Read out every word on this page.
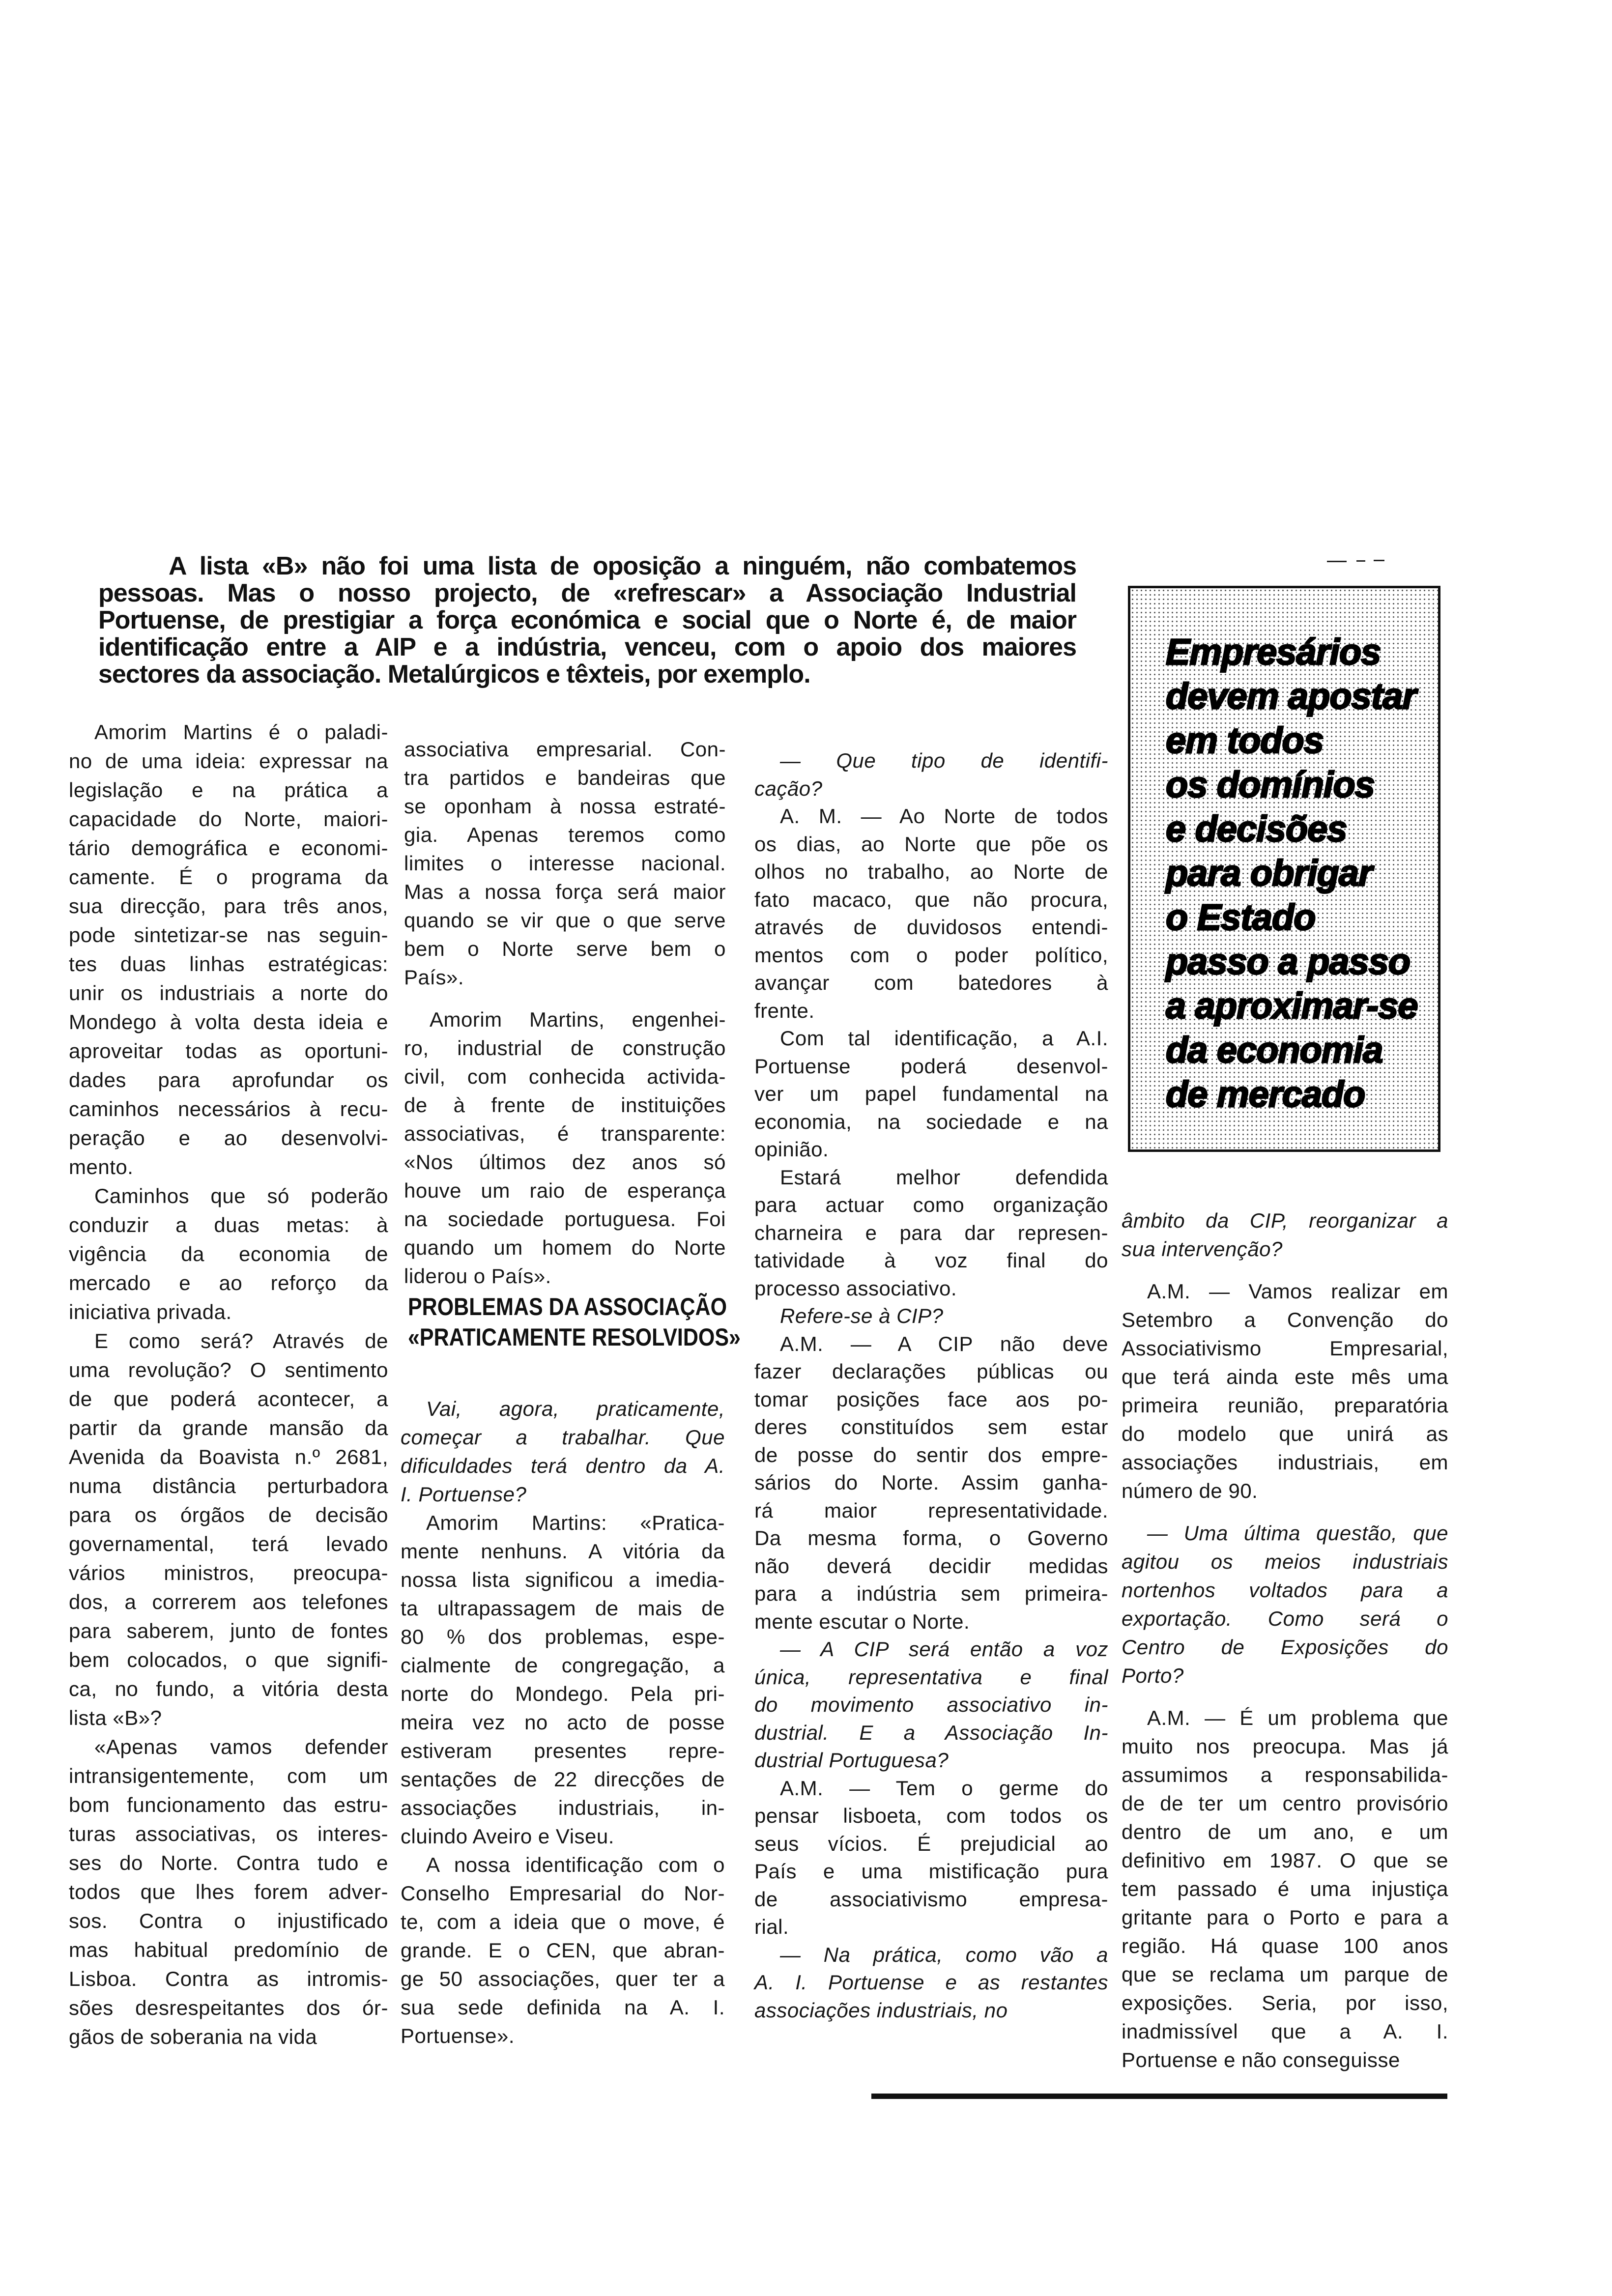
A lista «B» não foi uma lista de oposição a ninguém, não combatemos
pessoas. Mas o nosso projecto, de «refrescar» a Associação Industrial
Portuense, de prestigiar a força económica e social que o Norte é, de maior
identificação entre a AIP e a indústria, venceu, com o apoio dos maiores
sectores da associação. Metalúrgicos e têxteis, por exemplo.
Amorim Martins é o paladi-
no de uma ideia: expressar na
legislação e na prática a
capacidade do Norte, maiori-
tário demográfica e economi-
camente. É o programa da
sua direcção, para três anos,
pode sintetizar-se nas seguin-
tes duas linhas estratégicas:
unir os industriais a norte do
Mondego à volta desta ideia e
aproveitar todas as oportuni-
dades para aprofundar os
caminhos necessários à recu-
peração e ao desenvolvi-
mento.
Caminhos que só poderão
conduzir a duas metas: à
vigência da economia de
mercado e ao reforço da
iniciativa privada.
E como será? Através de
uma revolução? O sentimento
de que poderá acontecer, a
partir da grande mansão da
Avenida da Boavista n.º 2681,
numa distância perturbadora
para os órgãos de decisão
governamental, terá levado
vários ministros, preocupa-
dos, a correrem aos telefones
para saberem, junto de fontes
bem colocados, o que signifi-
ca, no fundo, a vitória desta
lista «B»?
«Apenas vamos defender
intransigentemente, com um
bom funcionamento das estru-
turas associativas, os interes-
ses do Norte. Contra tudo e
todos que lhes forem adver-
sos. Contra o injustificado
mas habitual predomínio de
Lisboa. Contra as intromis-
sões desrespeitantes dos ór-
gãos de soberania na vida
associativa empresarial. Con-
tra partidos e bandeiras que
se oponham à nossa estraté-
gia. Apenas teremos como
limites o interesse nacional.
Mas a nossa força será maior
quando se vir que o que serve
bem o Norte serve bem o
País».
Amorim Martins, engenhei-
ro, industrial de construção
civil, com conhecida activida-
de à frente de instituições
associativas, é transparente:
«Nos últimos dez anos só
houve um raio de esperança
na sociedade portuguesa. Foi
quando um homem do Norte
liderou o País».
PROBLEMAS DA ASSOCIAÇÃO
«PRATICAMENTE RESOLVIDOS»
Vai, agora, praticamente,
começar a trabalhar. Que
dificuldades terá dentro da A.
I. Portuense?
Amorim Martins: «Pratica-
mente nenhuns. A vitória da
nossa lista significou a imedia-
ta ultrapassagem de mais de
80 % dos problemas, espe-
cialmente de congregação, a
norte do Mondego. Pela pri-
meira vez no acto de posse
estiveram presentes repre-
sentações de 22 direcções de
associações industriais, in-
cluindo Aveiro e Viseu.
A nossa identificação com o
Conselho Empresarial do Nor-
te, com a ideia que o move, é
grande. E o CEN, que abran-
ge 50 associações, quer ter a
sua sede definida na A. I.
Portuense».
— Que tipo de identifi-
cação?
A. M. — Ao Norte de todos
os dias, ao Norte que põe os
olhos no trabalho, ao Norte de
fato macaco, que não procura,
através de duvidosos entendi-
mentos com o poder político,
avançar com batedores à
frente.
Com tal identificação, a A.I.
Portuense poderá desenvol-
ver um papel fundamental na
economia, na sociedade e na
opinião.
Estará melhor defendida
para actuar como organização
charneira e para dar represen-
tatividade à voz final do
processo associativo.
Refere-se à CIP?
A.M. — A CIP não deve
fazer declarações públicas ou
tomar posições face aos po-
deres constituídos sem estar
de posse do sentir dos empre-
sários do Norte. Assim ganha-
rá maior representatividade.
Da mesma forma, o Governo
não deverá decidir medidas
para a indústria sem primeira-
mente escutar o Norte.
— A CIP será então a voz
única, representativa e final
do movimento associativo in-
dustrial. E a Associação In-
dustrial Portuguesa?
A.M. — Tem o germe do
pensar lisboeta, com todos os
seus vícios. É prejudicial ao
País e uma mistificação pura
de associativismo empresa-
rial.
— Na prática, como vão a
A. I. Portuense e as restantes
associações industriais, no
âmbito da CIP, reorganizar a
sua intervenção?
A.M. — Vamos realizar em
Setembro a Convenção do
Associativismo Empresarial,
que terá ainda este mês uma
primeira reunião, preparatória
do modelo que unirá as
associações industriais, em
número de 90.
— Uma última questão, que
agitou os meios industriais
nortenhos voltados para a
exportação. Como será o
Centro de Exposições do
Porto?
A.M. — É um problema que
muito nos preocupa. Mas já
assumimos a responsabilida-
de de ter um centro provisório
dentro de um ano, e um
definitivo em 1987. O que se
tem passado é uma injustiça
gritante para o Porto e para a
região. Há quase 100 anos
que se reclama um parque de
exposições. Seria, por isso,
inadmissível que a A. I.
Portuense e não conseguisse
Empresários
devem apostar
em todos
os domínios
e decisões
para obrigar
o Estado
passo a passo
a aproximar-se
da economia
de mercado
